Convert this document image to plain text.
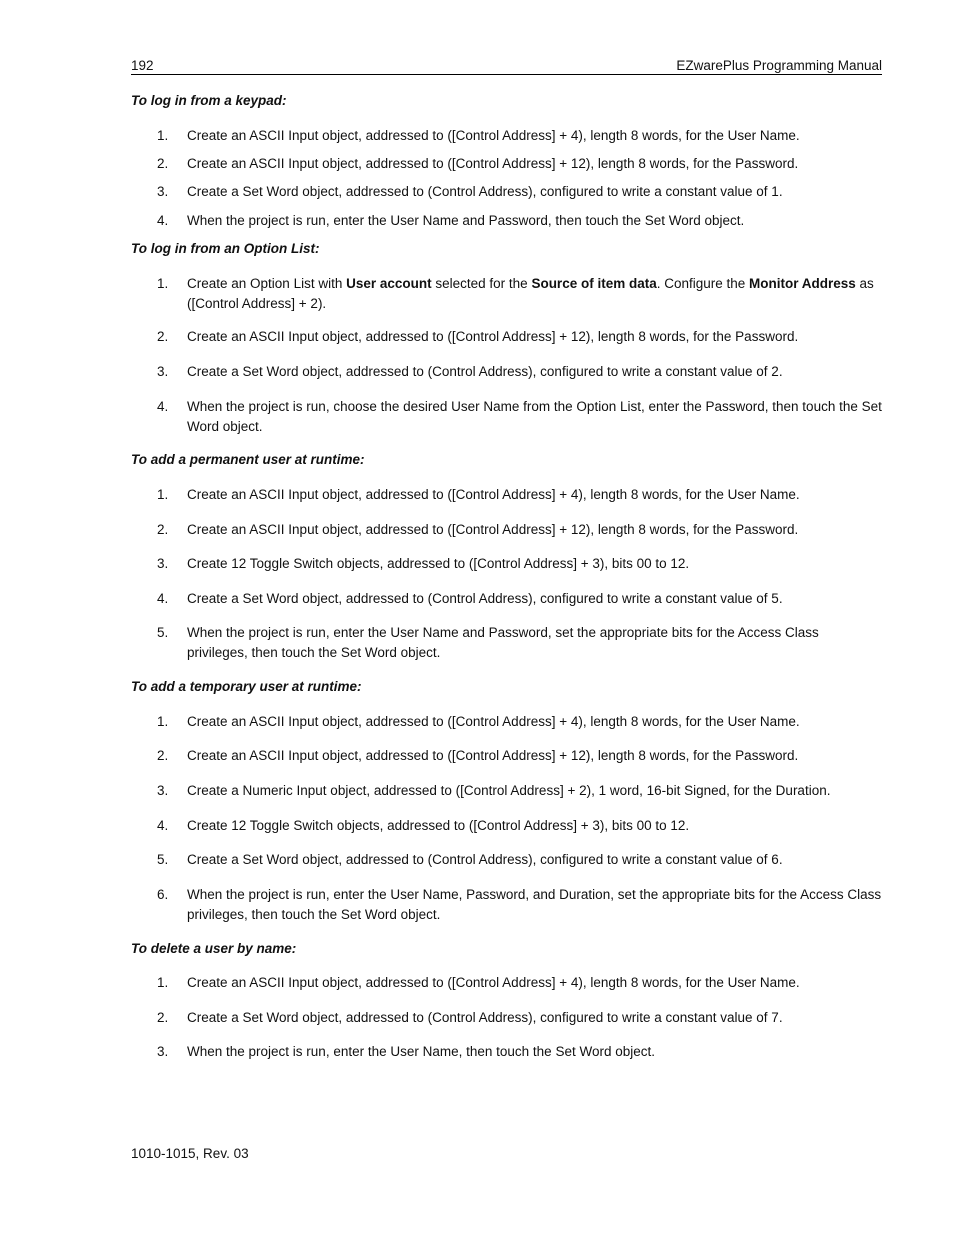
192	EZwarePlus Programming Manual
To log in from a keypad:
1.	Create an ASCII Input object, addressed to ([Control Address] + 4), length 8 words, for the User Name.
2.	Create an ASCII Input object, addressed to ([Control Address] + 12), length 8 words, for the Password.
3.	Create a Set Word object, addressed to (Control Address), configured to write a constant value of 1.
4.	When the project is run, enter the User Name and Password, then touch the Set Word object.
To log in from an Option List:
1.	Create an Option List with User account selected for the Source of item data. Configure the Monitor Address as ([Control Address] + 2).
2.	Create an ASCII Input object, addressed to ([Control Address] + 12), length 8 words, for the Password.
3.	Create a Set Word object, addressed to (Control Address), configured to write a constant value of 2.
4.	When the project is run, choose the desired User Name from the Option List, enter the Password, then touch the Set Word object.
To add a permanent user at runtime:
1.	Create an ASCII Input object, addressed to ([Control Address] + 4), length 8 words, for the User Name.
2.	Create an ASCII Input object, addressed to ([Control Address] + 12), length 8 words, for the Password.
3.	Create 12 Toggle Switch objects, addressed to ([Control Address] + 3), bits 00 to 12.
4.	Create a Set Word object, addressed to (Control Address), configured to write a constant value of 5.
5.	When the project is run, enter the User Name and Password, set the appropriate bits for the Access Class privileges, then touch the Set Word object.
To add a temporary user at runtime:
1.	Create an ASCII Input object, addressed to ([Control Address] + 4), length 8 words, for the User Name.
2.	Create an ASCII Input object, addressed to ([Control Address] + 12), length 8 words, for the Password.
3.	Create a Numeric Input object, addressed to ([Control Address] + 2), 1 word, 16-bit Signed, for the Duration.
4.	Create 12 Toggle Switch objects, addressed to ([Control Address] + 3), bits 00 to 12.
5.	Create a Set Word object, addressed to (Control Address), configured to write a constant value of 6.
6.	When the project is run, enter the User Name, Password, and Duration, set the appropriate bits for the Access Class privileges, then touch the Set Word object.
To delete a user by name:
1.	Create an ASCII Input object, addressed to ([Control Address] + 4), length 8 words, for the User Name.
2.	Create a Set Word object, addressed to (Control Address), configured to write a constant value of 7.
3.	When the project is run, enter the User Name, then touch the Set Word object.
1010-1015, Rev. 03
